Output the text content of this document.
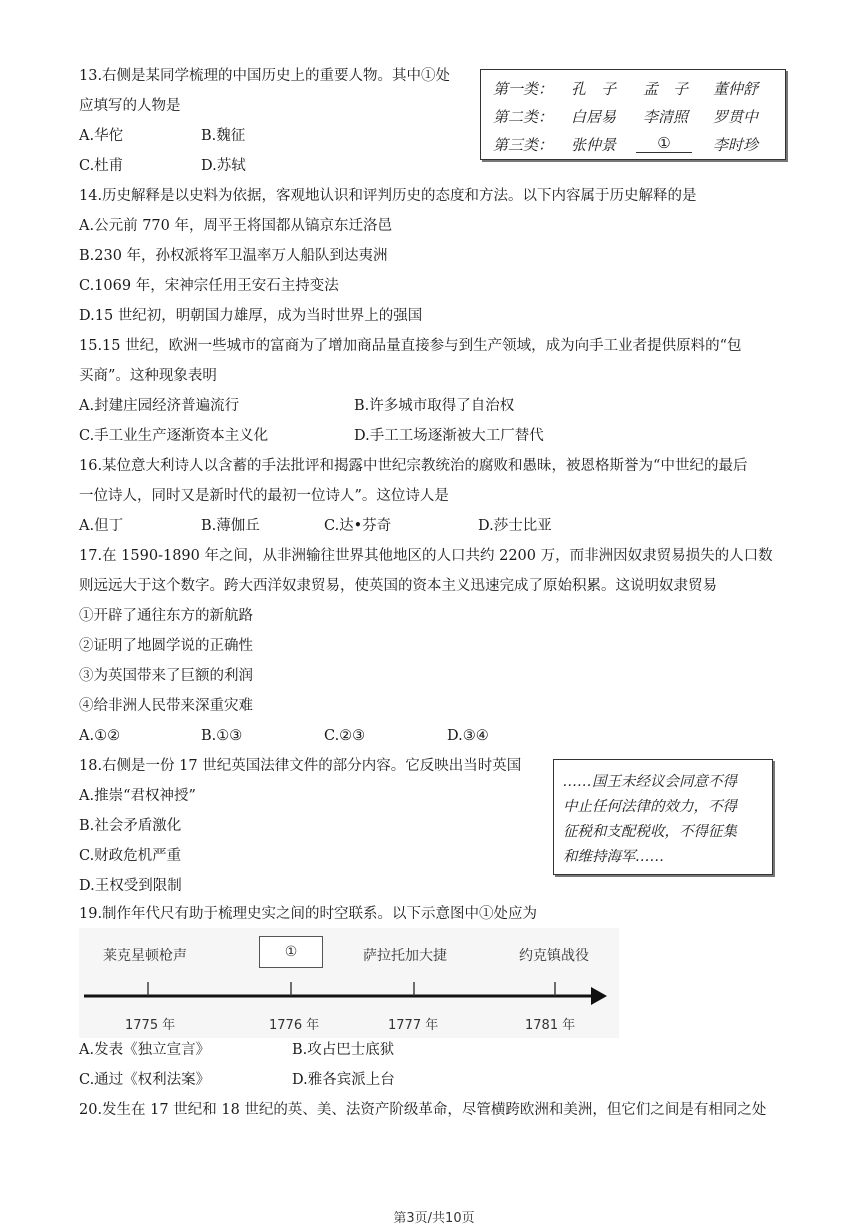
13.右侧是某同学梳理的中国历史上的重要人物。其中①处
应填写的人物是
A.华佗	B.魏征
C.杜甫	D.苏轼
第一类： 孔　子 孟　子 董仲舒
第二类： 白居易 李清照 罗贯中
第三类： 张仲景	①	李时珍
14.历史解释是以史料为依据，客观地认识和评判历史的态度和方法。以下内容属于历史解释的是
A.公元前 770 年，周平王将国都从镐京东迁洛邑
B.230 年，孙权派将军卫温率万人船队到达夷洲
C.1069 年，宋神宗任用王安石主持变法
D.15 世纪初，明朝国力雄厚，成为当时世界上的强国
15.15 世纪，欧洲一些城市的富商为了增加商品量直接参与到生产领域，成为向手工业者提供原料的“包
买商”。这种现象表明
A.封建庄园经济普遍流行	B.许多城市取得了自治权
C.手工业生产逐渐资本主义化	D.手工工场逐渐被大工厂替代
16.某位意大利诗人以含蓄的手法批评和揭露中世纪宗教统治的腐败和愚昧，被恩格斯誉为“中世纪的最后
一位诗人，同时又是新时代的最初一位诗人”。这位诗人是
A.但丁	B.薄伽丘	C.达•芬奇	D.莎士比亚
17.在 1590-1890 年之间，从非洲输往世界其他地区的人口共约 2200 万，而非洲因奴隶贸易损失的人口数
则远远大于这个数字。跨大西洋奴隶贸易，使英国的资本主义迅速完成了原始积累。这说明奴隶贸易
①开辟了通往东方的新航路
②证明了地圆学说的正确性
③为英国带来了巨额的利润
④给非洲人民带来深重灾难
A.①②	B.①③	C.②③	D.③④
18.右侧是一份 17 世纪英国法律文件的部分内容。它反映出当时英国
A.推崇“君权神授”
B.社会矛盾激化
C.财政危机严重
D.王权受到限制
……国王未经议会同意不得
中止任何法律的效力，不得
征税和支配税收，不得征集
和维持海军……
19.制作年代尺有助于梳理史实之间的时空联系。以下示意图中①处应为
莱克星顿枪声	①	萨拉托加大捷	约克镇战役
1775 年	1776 年	1777 年	1781 年
A.发表《独立宣言》	B.攻占巴士底狱
C.通过《权利法案》	D.雅各宾派上台
20.发生在 17 世纪和 18 世纪的英、美、法资产阶级革命，尽管横跨欧洲和美洲，但它们之间是有相同之处
第3页/共10页
